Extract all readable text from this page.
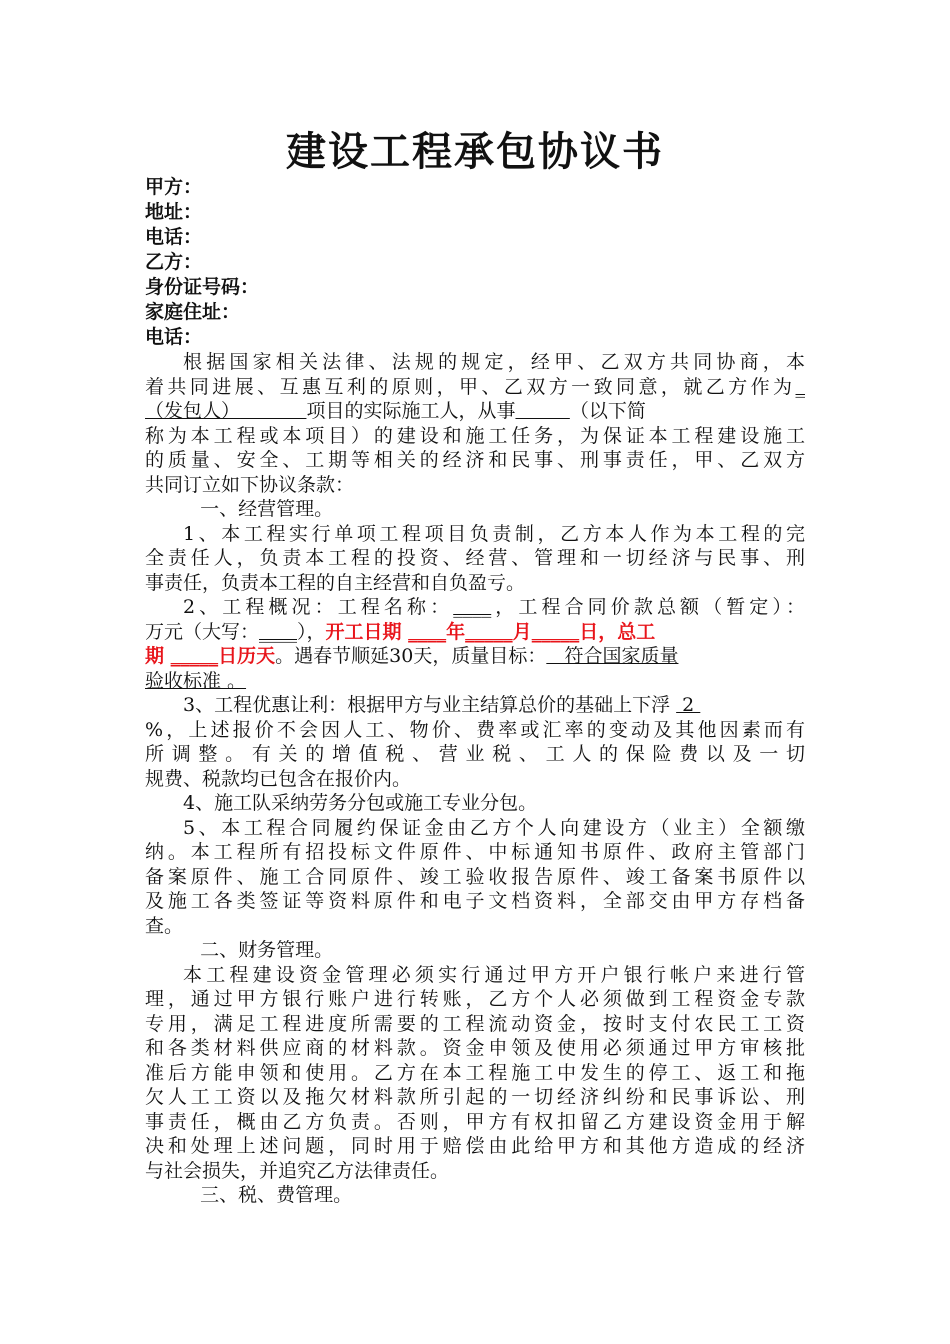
建设工程承包协议书
甲方：
地址：
电话：
乙方：
身份证号码：
家庭住址：
电话：

根据国家相关法律、法规的规定，经甲、乙双方共同协商，本
着共同进展、互惠互利的原则，甲、乙双方一致同意，就乙方作为_
（发包人）	项目的实际施工人，从事	（以下简
称为本工程或本项目）的建设和施工任务，为保证本工程建设施工
的质量、安全、工期等相关的经济和民事、刑事责任，甲、乙双方
共同订立如下协议条款：

一、经营管理。

1、本工程实行单项工程项目负责制，乙方本人作为本工程的完
全责任人，负责本工程的投资、经营、管理和一切经济与民事、刑
事责任，负责本工程的自主经营和自负盈亏。

2、工程概况：工程名称：____，工程合同价款总额（暂定）：
万元（大写：____），开工日期 ____年_____月_____日，总工
期 _____日历天。遇春节顺延30天，质量目标：   符合国家质量
验收标准 。

3、工程优惠让利：根据甲方与业主结算总价的基础上下浮  2
%，上述报价不会因人工、物价、费率或汇率的变动及其他因素而有
所调整。有关的增值税、营业税、工人的保险费以及一切
规费、税款均已包含在报价内。

4、施工队采纳劳务分包或施工专业分包。

5、本工程合同履约保证金由乙方个人向建设方（业主）全额缴
纳。本工程所有招投标文件原件、中标通知书原件、政府主管部门
备案原件、施工合同原件、竣工验收报告原件、竣工备案书原件以
及施工各类签证等资料原件和电子文档资料，全部交由甲方存档备
查。

二、财务管理。

本工程建设资金管理必须实行通过甲方开户银行帐户来进行管
理，通过甲方银行账户进行转账，乙方个人必须做到工程资金专款
专用，满足工程进度所需要的工程流动资金，按时支付农民工工资
和各类材料供应商的材料款。资金申领及使用必须通过甲方审核批
准后方能申领和使用。乙方在本工程施工中发生的停工、返工和拖
欠人工工资以及拖欠材料款所引起的一切经济纠纷和民事诉讼、刑
事责任，概由乙方负责。否则，甲方有权扣留乙方建设资金用于解
决和处理上述问题，同时用于赔偿由此给甲方和其他方造成的经济
与社会损失，并追究乙方法律责任。

三、税、费管理。
